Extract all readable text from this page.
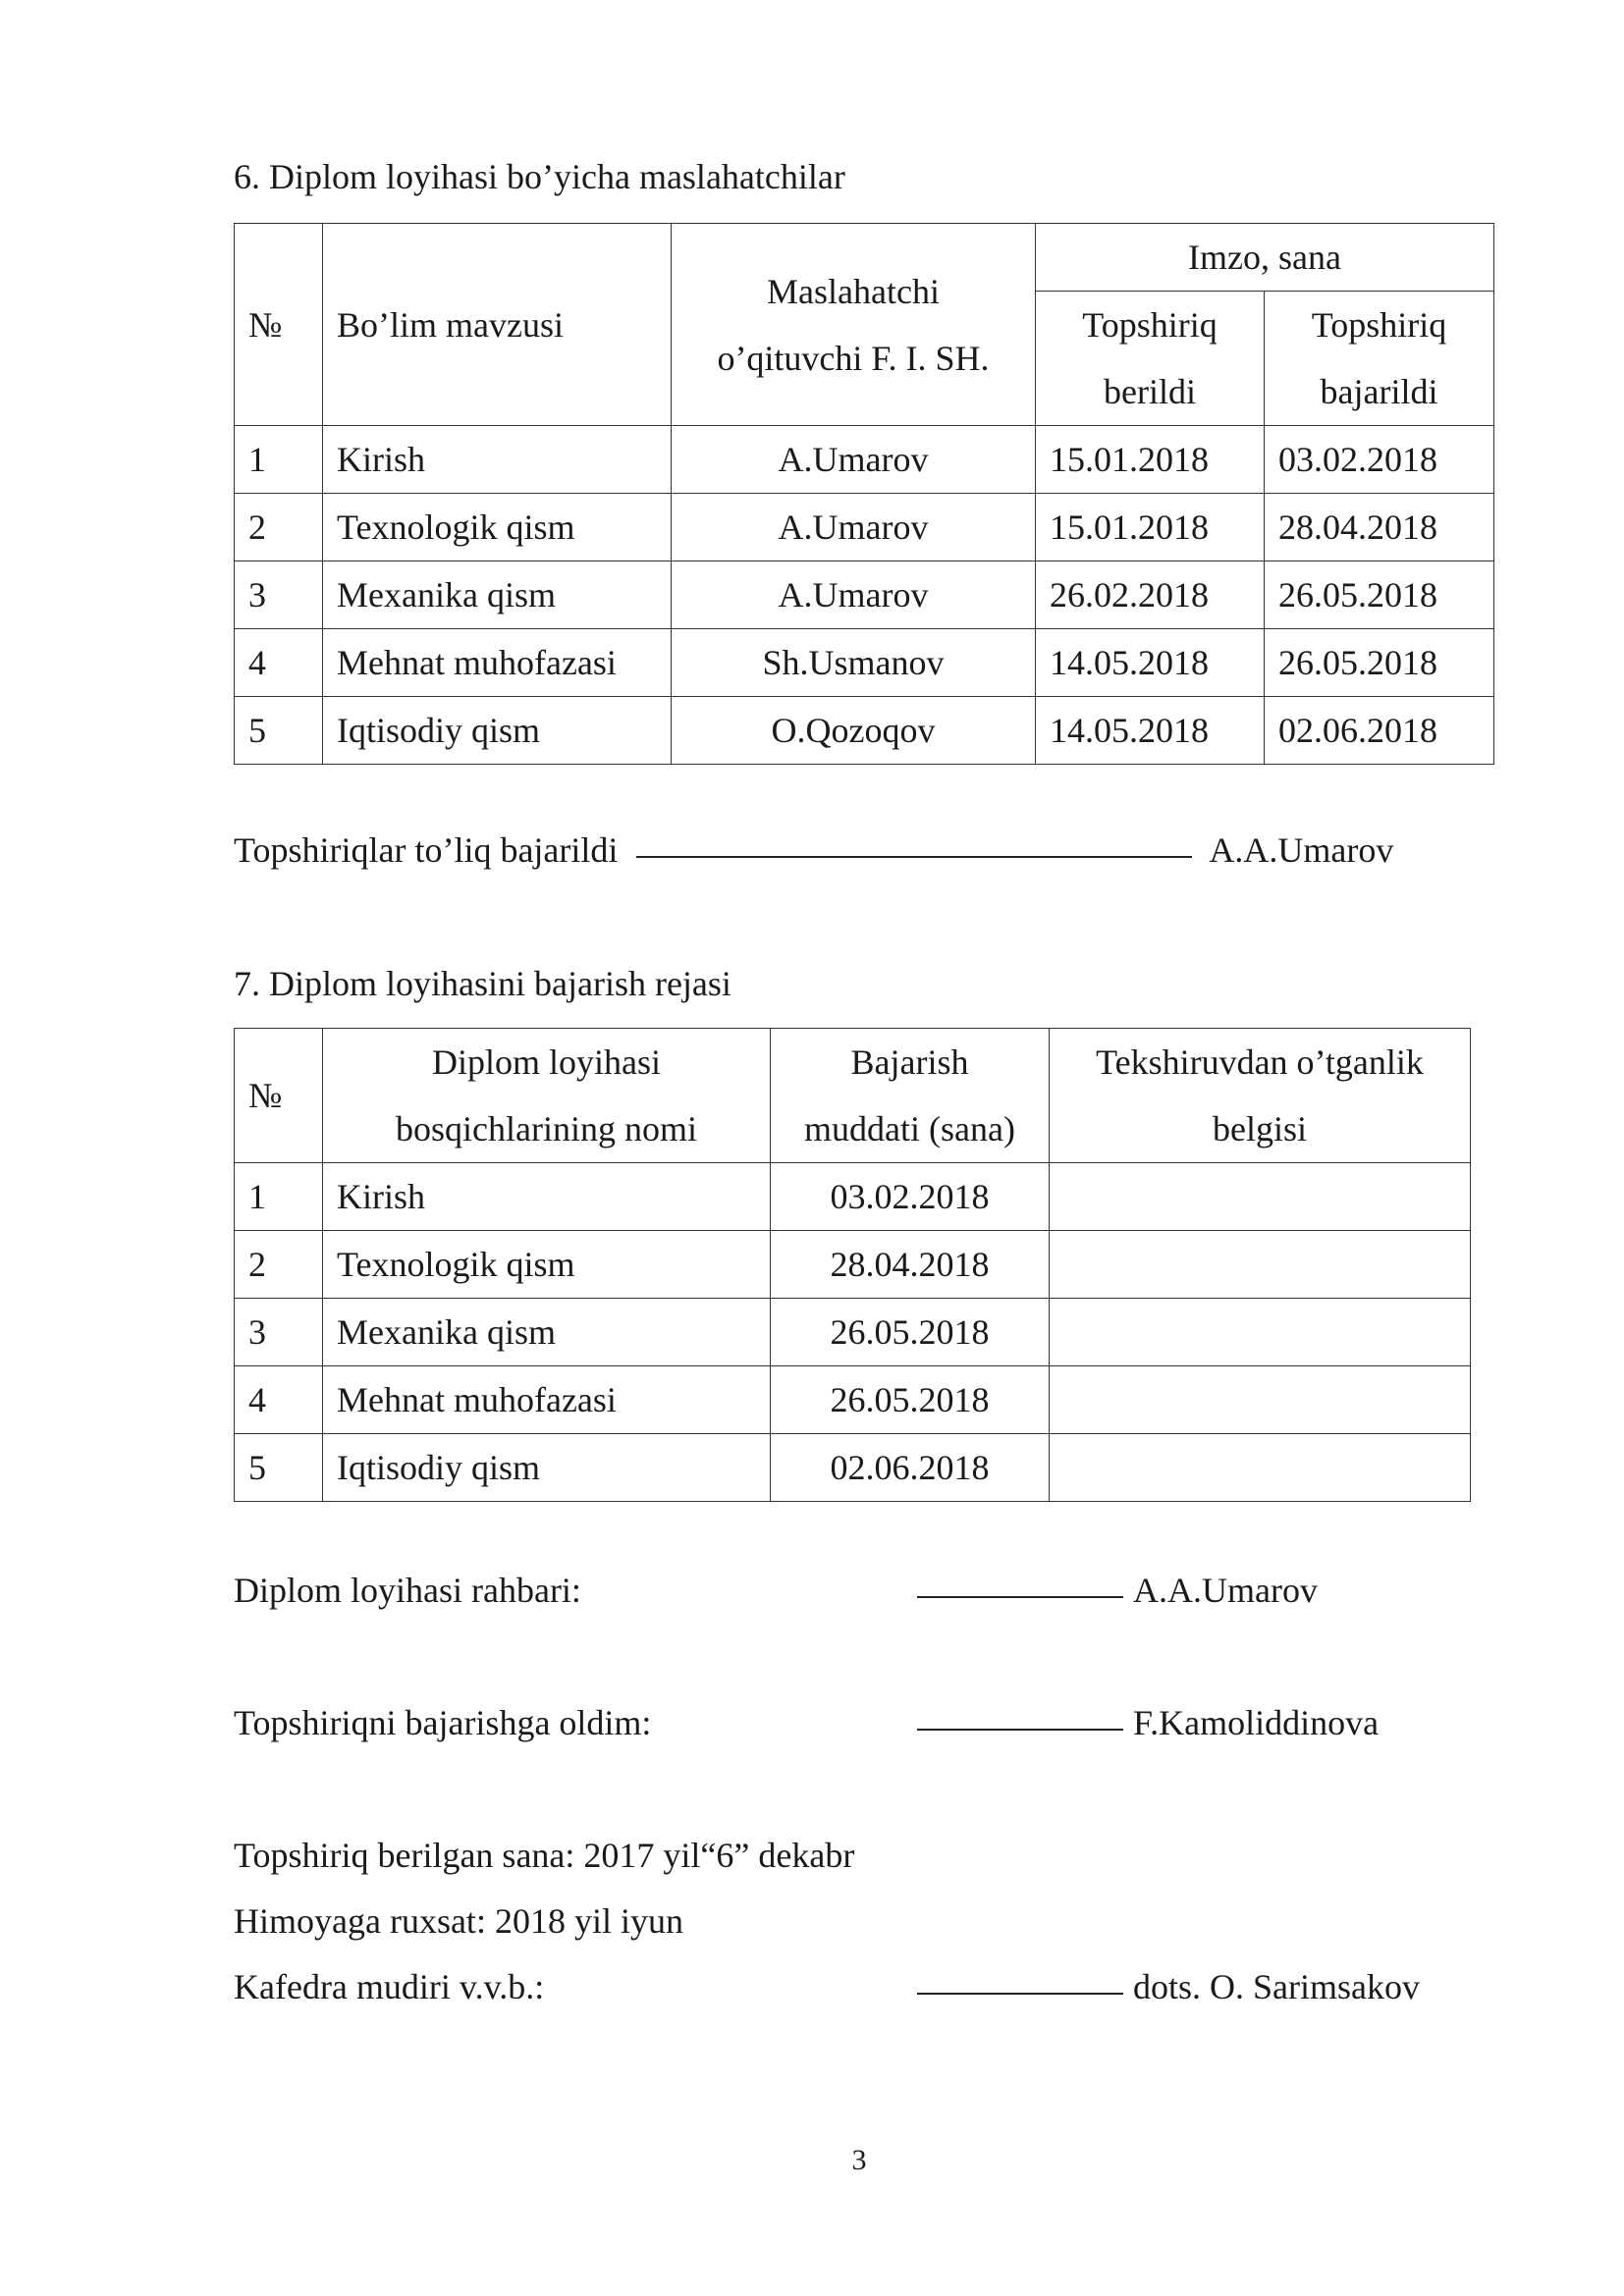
6. Diplom loyihasi bo’yicha maslahatchilar
№	Bo’lim mavzusi	Maslahatchi o’qituvchi F. I. SH.	Imzo, sana	
			Topshiriq berildi	Topshiriq bajarildi

1	Kirish	A.Umarov	15.01.2018	03.02.2018
2	Texnologik qism	A.Umarov	15.01.2018	28.04.2018
3	Mexanika qism	A.Umarov	26.02.2018	26.05.2018
4	Mehnat muhofazasi	Sh.Usmanov	14.05.2018	26.05.2018
5	Iqtisodiy qism	O.Qozoqov	14.05.2018	02.06.2018
Topshiriqlar to’liq bajarildi	A.A.Umarov
7. Diplom loyihasini bajarish rejasi
№	Diplom loyihasi bosqichlarining nomi	Bajarish muddati (sana)	Tekshiruvdan o’tganlik belgisi
1	Kirish	03.02.2018	
2	Texnologik qism	28.04.2018	
3	Mexanika qism	26.05.2018	
4	Mehnat muhofazasi	26.05.2018	
5	Iqtisodiy qism	02.06.2018	
Diplom loyihasi rahbari:	A.A.Umarov
Topshiriqni bajarishga oldim:	F.Kamoliddinova
Topshiriq berilgan sana: 2017 yil“6” dekabr
Himoyaga ruxsat: 2018 yil iyun
Kafedra mudiri v.v.b.:	dots. O. Sarimsakov
3
